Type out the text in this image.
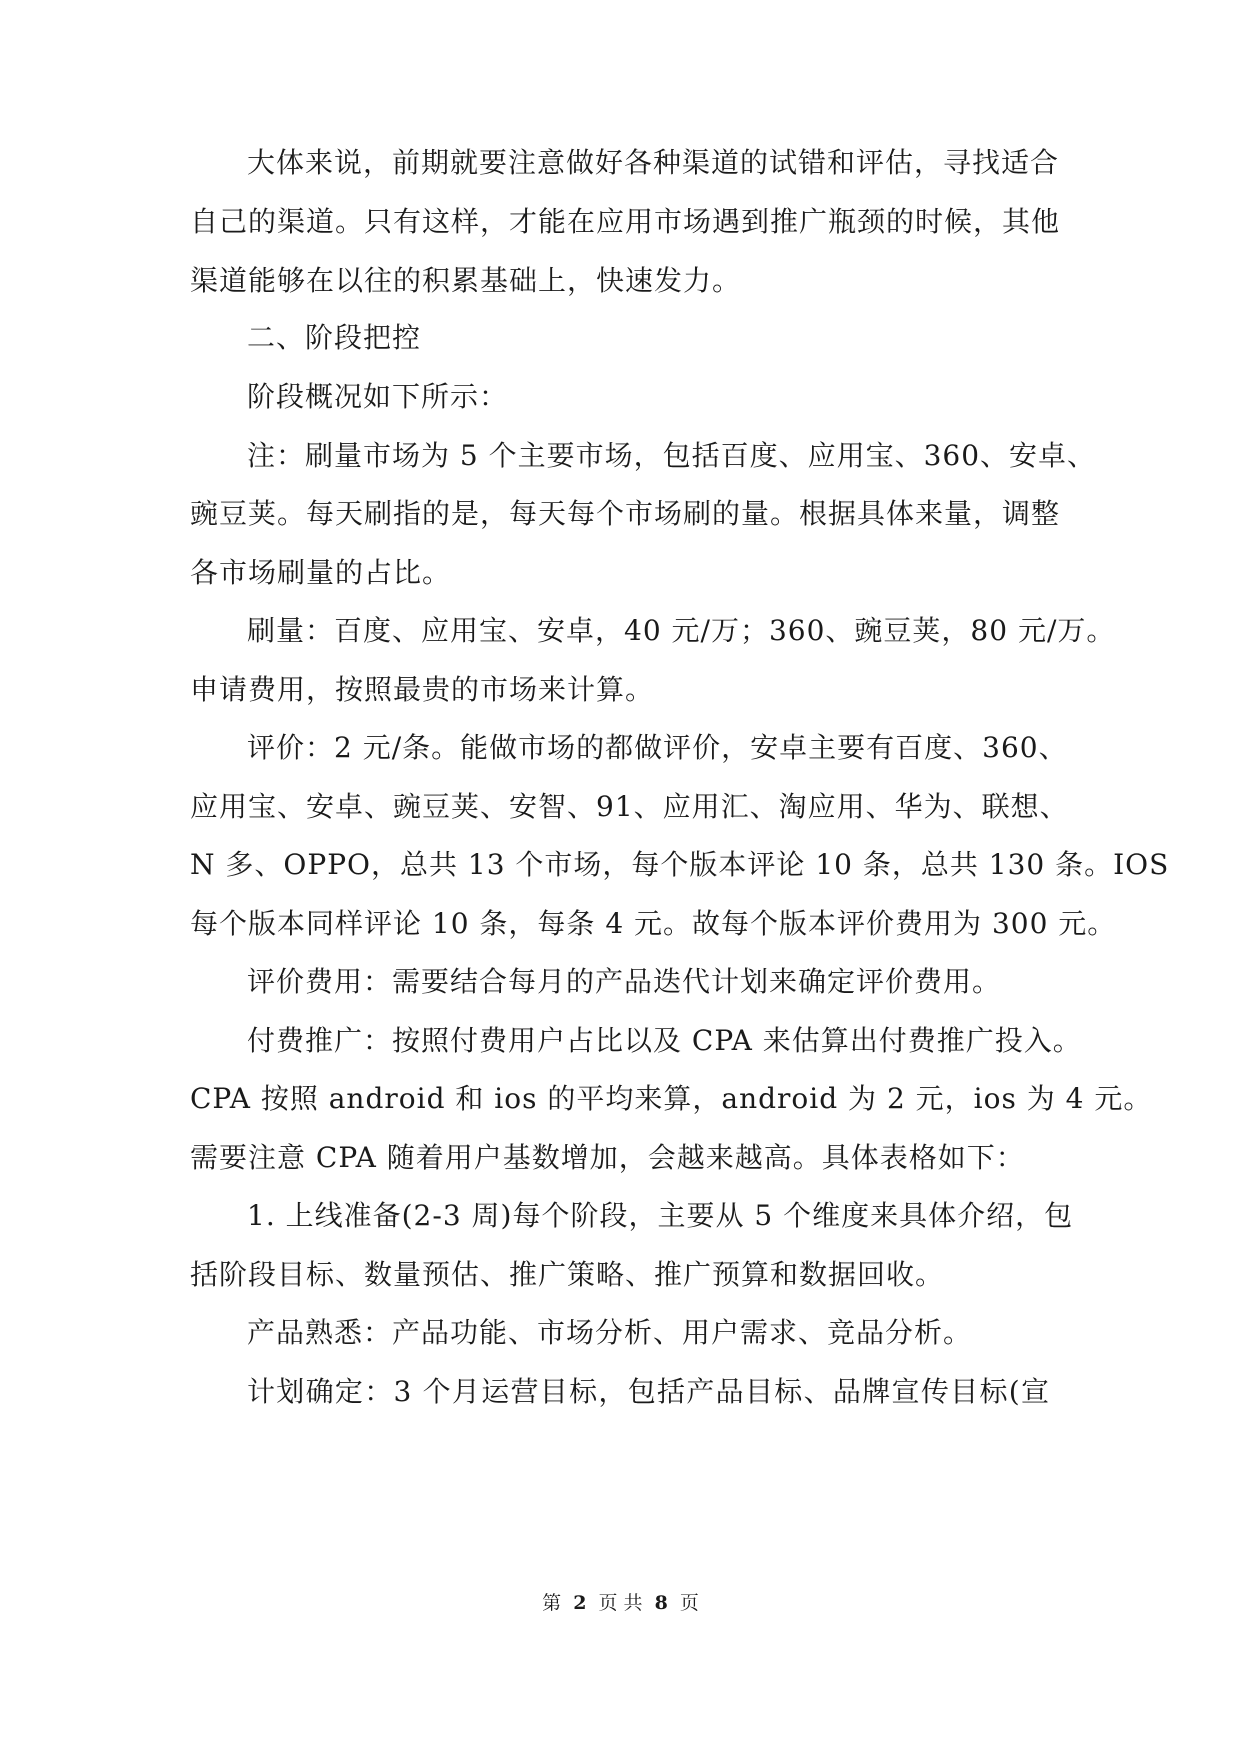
大体来说，前期就要注意做好各种渠道的试错和评估，寻找适合
自己的渠道。只有这样，才能在应用市场遇到推广瓶颈的时候，其他
渠道能够在以往的积累基础上，快速发力。
二、阶段把控
阶段概况如下所示：
注：刷量市场为 5 个主要市场，包括百度、应用宝、360、安卓、
豌豆荚。每天刷指的是，每天每个市场刷的量。根据具体来量，调整
各市场刷量的占比。
刷量：百度、应用宝、安卓，40 元/万；360、豌豆荚，80 元/万。
申请费用，按照最贵的市场来计算。
评价：2 元/条。能做市场的都做评价，安卓主要有百度、360、
应用宝、安卓、豌豆荚、安智、91、应用汇、淘应用、华为、联想、
N 多、OPPO，总共 13 个市场，每个版本评论 10 条，总共 130 条。IOS
每个版本同样评论 10 条，每条 4 元。故每个版本评价费用为 300 元。
评价费用：需要结合每月的产品迭代计划来确定评价费用。
付费推广：按照付费用户占比以及 CPA 来估算出付费推广投入。
CPA 按照 android 和 ios 的平均来算，android 为 2 元，ios 为 4 元。
需要注意 CPA 随着用户基数增加，会越来越高。具体表格如下：
1. 上线准备(2-3 周)每个阶段，主要从 5 个维度来具体介绍，包
括阶段目标、数量预估、推广策略、推广预算和数据回收。
产品熟悉：产品功能、市场分析、用户需求、竞品分析。
计划确定：3 个月运营目标，包括产品目标、品牌宣传目标(宣
第 2 页 共 8 页
